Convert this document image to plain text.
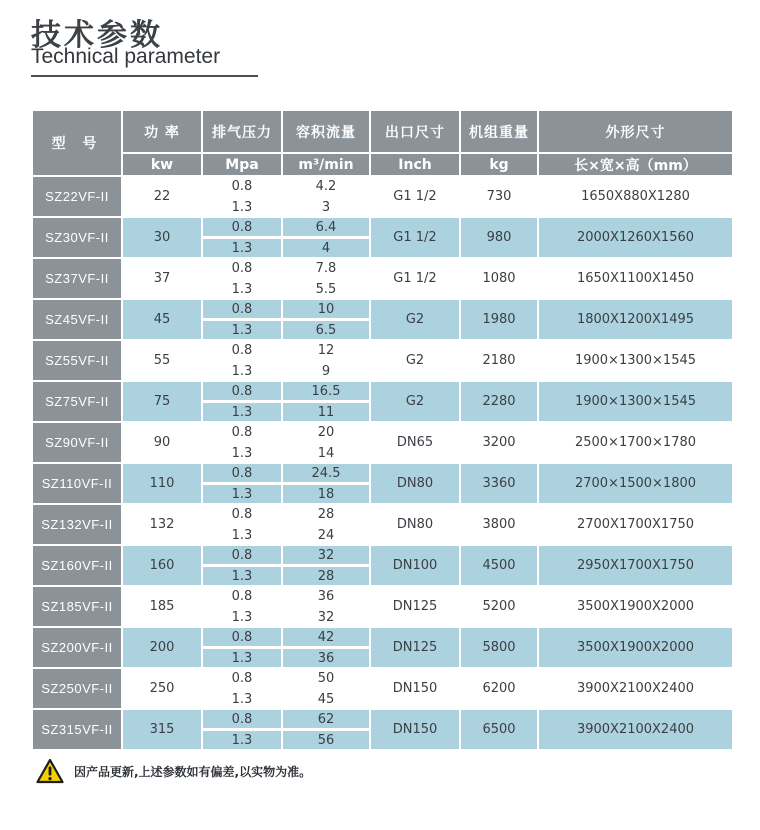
技术参数
Technical parameter
型 号	功 率	排气压力	容积流量	出口尺寸	机组重量	外形尺寸
	kw	Mpa	m³/min	Inch	kg	长×宽×高（mm）
SZ22VF-II	22	0.8	4.2	G1 1/2	730	1650X880X1280
		1.3	3			
SZ30VF-II	30	0.8	6.4	G1 1/2	980	2000X1260X1560
		1.3	4			
SZ37VF-II	37	0.8	7.8	G1 1/2	1080	1650X1100X1450
		1.3	5.5			
SZ45VF-II	45	0.8	10	G2	1980	1800X1200X1495
		1.3	6.5			
SZ55VF-II	55	0.8	12	G2	2180	1900×1300×1545
		1.3	9			
SZ75VF-II	75	0.8	16.5	G2	2280	1900×1300×1545
		1.3	11			
SZ90VF-II	90	0.8	20	DN65	3200	2500×1700×1780
		1.3	14			
SZ110VF-II	110	0.8	24.5	DN80	3360	2700×1500×1800
		1.3	18			
SZ132VF-II	132	0.8	28	DN80	3800	2700X1700X1750
		1.3	24			
SZ160VF-II	160	0.8	32	DN100	4500	2950X1700X1750
		1.3	28			
SZ185VF-II	185	0.8	36	DN125	5200	3500X1900X2000
		1.3	32			
SZ200VF-II	200	0.8	42	DN125	5800	3500X1900X2000
		1.3	36			
SZ250VF-II	250	0.8	50	DN150	6200	3900X2100X2400
		1.3	45			
SZ315VF-II	315	0.8	62	DN150	6500	3900X2100X2400
		1.3	56			
因产品更新,上述参数如有偏差,以实物为准。
